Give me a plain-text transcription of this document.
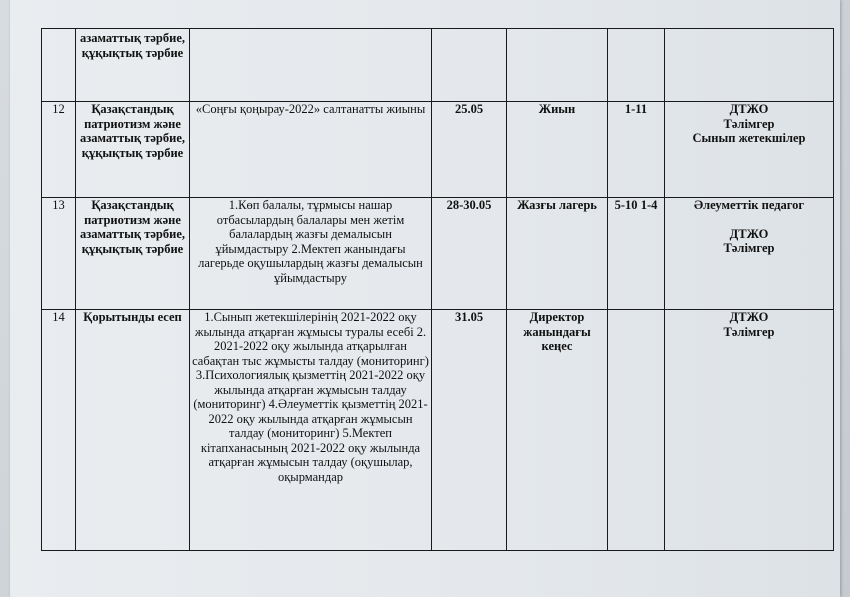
	азаматтық тәрбие, құқықтық тәрбие					
12	Қазақстандық патриотизм және азаматтық тәрбие, құқықтық тәрбие	«Соңғы қоңырау-2022» салтанатты жиыны	25.05	Жиын	1-11	ДТЖО
Тәлімгер
Сынып жетекшілер

13	Қазақстандық патриотизм және азаматтық тәрбие, құқықтық тәрбие	1.Көп балалы, тұрмысы нашар отбасылардың балалары мен жетім балалардың жазғы демалысын ұйымдастыру 2.Мектеп жанындағы лагерьде оқушылардың жазғы демалысын ұйымдастыру	28-30.05	Жазғы лагерь	5-10 1-4	Әлеуметтік педагог
ДТЖО
Тәлімгер

14	Қорытынды есеп	1.Сынып жетекшілерінің 2021-2022 оқу жылында атқарған жұмысы туралы есебі 2. 2021-2022 оқу жылында атқарылған сабақтан тыс жұмысты талдау (мониторинг) 3.Психологиялық қызметтің 2021-2022 оқу жылында атқарған жұмысын талдау (мониторинг) 4.Әлеуметтік қызметтің 2021-2022 оқу жылында атқарған жұмысын талдау (мониторинг) 5.Мектеп кітапханасының 2021-2022 оқу жылында атқарған жұмысын талдау (оқушылар, оқырмандар	31.05	Директор жанындағы кеңес		ДТЖО
Тәлімгер
